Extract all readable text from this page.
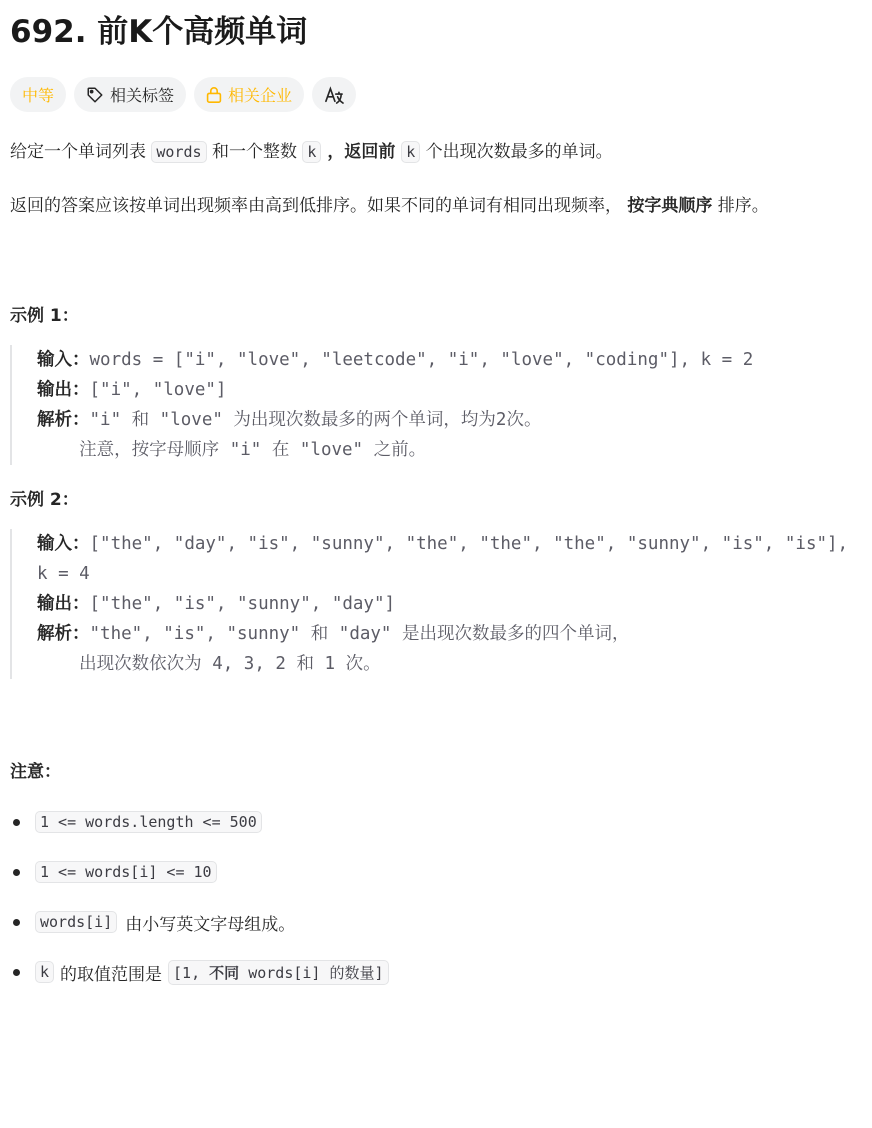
692. 前K个高频单词
中等	相关标签	相关企业

给定一个单词列表 words 和一个整数 k ，返回前 k 个出现次数最多的单词。

返回的答案应该按单词出现频率由高到低排序。如果不同的单词有相同出现频率， 按字典顺序 排序。

示例 1：

输入：words = ["i", "love", "leetcode", "i", "love", "coding"], k = 2
输出：["i", "love"]
解析："i" 和 "love" 为出现次数最多的两个单词，均为2次。
注意，按字母顺序 "i" 在 "love" 之前。

示例 2：

输入：["the", "day", "is", "sunny", "the", "the", "the", "sunny", "is", "is"], k = 4
输出：["the", "is", "sunny", "day"]
解析："the", "is", "sunny" 和 "day" 是出现次数最多的四个单词，
出现次数依次为 4, 3, 2 和 1 次。

注意：

1 <= words.length <= 500
1 <= words[i] <= 10
words[i] 由小写英文字母组成。
k 的取值范围是 [1, 不同 words[i] 的数量]
